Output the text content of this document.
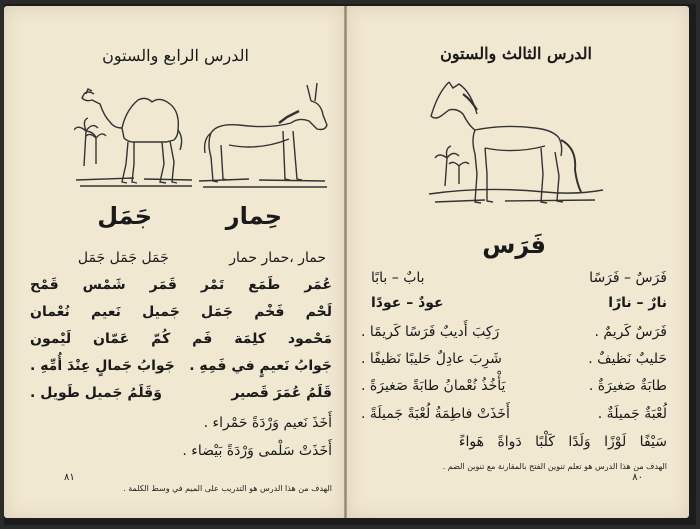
الدرس الرابع والستون
حِمار
جَمَل
حمار ،حمار حمار جَمَل جَمَل جَمَل
عُمَر
طَمَع
تَمْر
قَمَر
شَمْس
قَمْح
لَحْم
فَخْم
جَمَل
جَميل
نَعيم
نُعْمان
مَحْمود
كلِمَة
فَم
كُمّ
عَمّان
لَيْمون
جَوابُ نَعيمٍ في فَمِهِ .
جَوابُ جَمالٍ عِنْدَ أُمِّهِ .
قَلَمُ عُمَرَ قَصير
وَقَلَمُ جَميل طَويل .
أَخَذَ نَعيم وَرْدَةً حَمْراء .
أَخَذَتْ سَلْمى وَرْدَةً بَيْضاء .
الهدف من هذا الدرس هو التدريب على الميم في وسط الكلمة .
٨١
الدرس الثالث والستون
فَرَس
فَرَسٌ – فَرَسًا
بابٌ – بابًا
نارٌ – نارًا
عودٌ – عودًا
فَرَسٌ كَريمٌ .
رَكِبَ أَديبٌ فَرَسًا كَريمًا .
حَليبٌ نَظيفٌ .
شَرِبَ عادِلٌ حَليبًا نَظيفًا .
طابَةٌ صَغيرَةٌ .
يَأْخُذُ نُعْمانُ طابَةً صَغيرَةً .
لُعْبَةٌ جَميلَةٌ .
أَخَذَتْ فاطِمَةُ لُعْبَةً جَميلَةً .
سَيْفًا لَوْزًا وَلَدًا كَلْبًا دَواةً هَواءً
الهدف من هذا الدرس هو تعلم تنوين الفتح بالمقارنة مع تنوين الضم .
٨٠
